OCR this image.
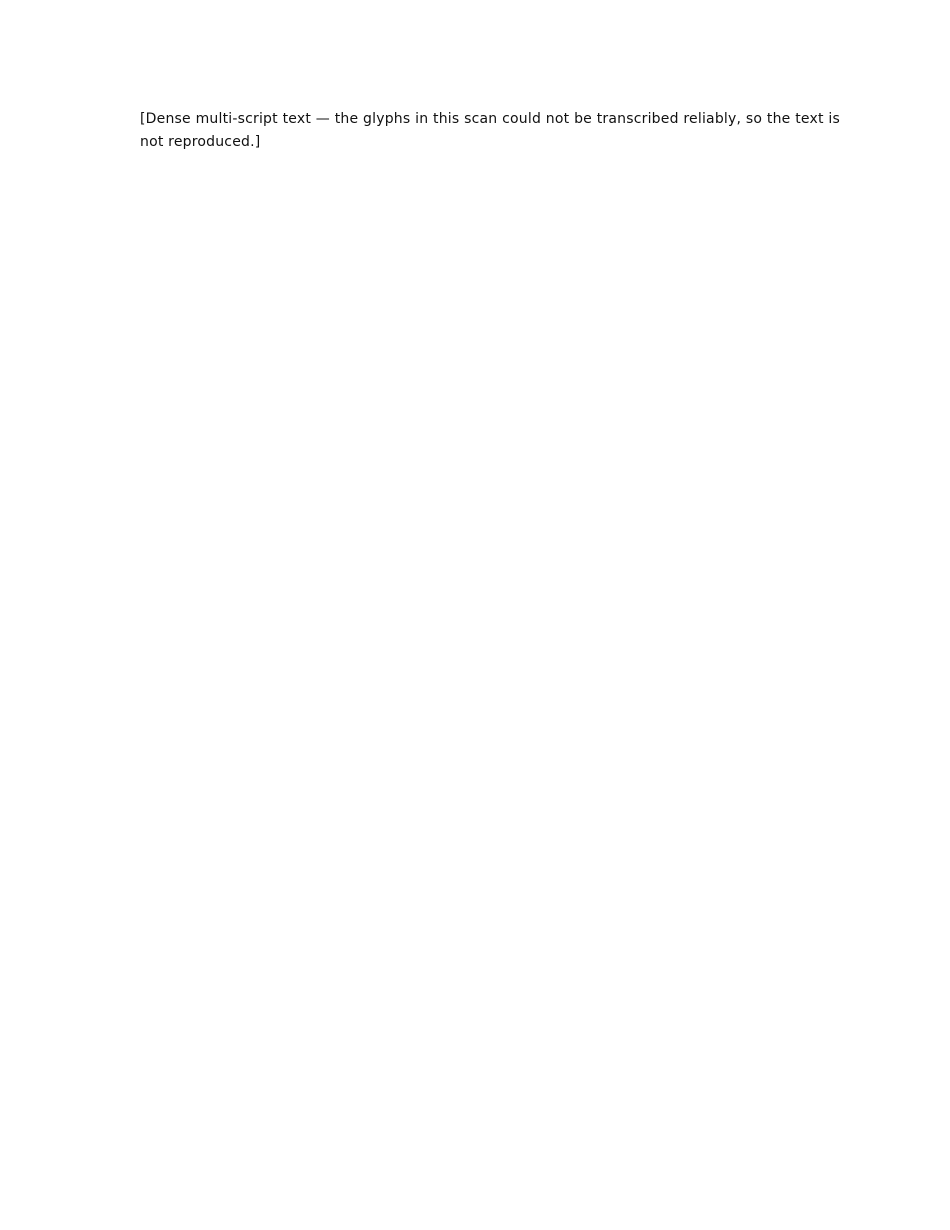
[Dense multi-script text — the glyphs in this scan could not be transcribed reliably, so the text is not reproduced.]
